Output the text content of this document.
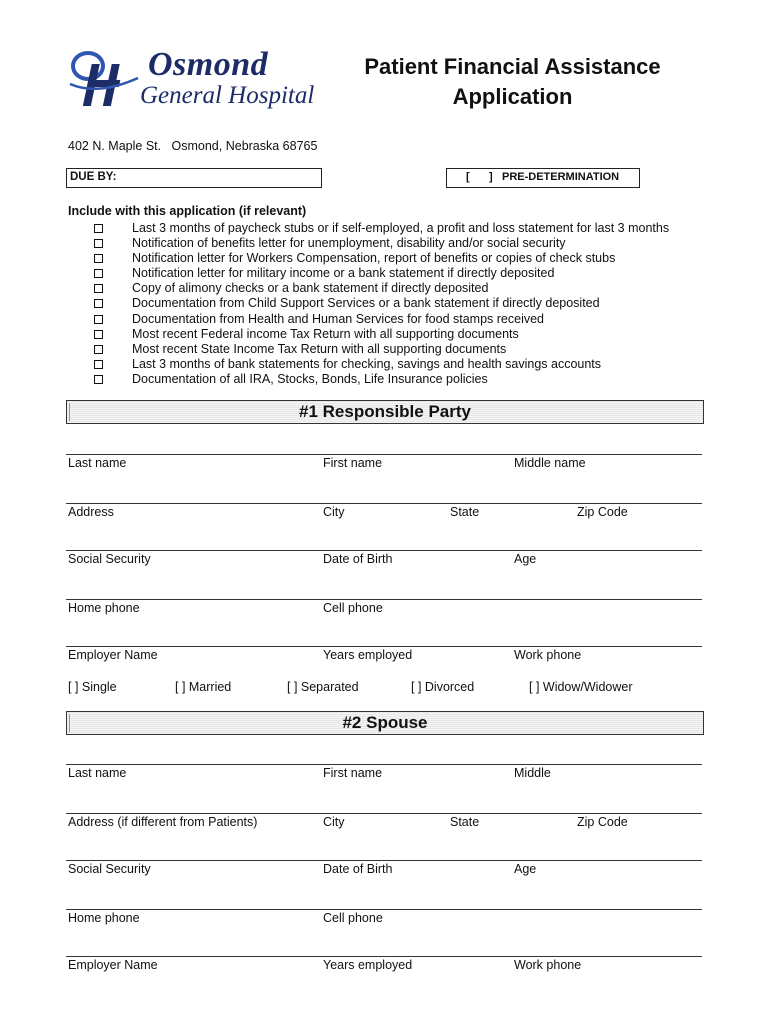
Osmond
General Hospital
Patient Financial Assistance
Application
402 N. Maple St.   Osmond, Nebraska 68765
DUE BY:	[ ] PRE-DETERMINATION
Include with this application (if relevant)
Last 3 months of paycheck stubs or if self-employed, a profit and loss statement for last 3 months
Notification of benefits letter for unemployment, disability and/or social security
Notification letter for Workers Compensation, report of benefits or copies of check stubs
Notification letter for military income or a bank statement if directly deposited
Copy of alimony checks or a bank statement if directly deposited
Documentation from Child Support Services or a bank statement if directly deposited
Documentation from Health and Human Services for food stamps received
Most recent Federal income Tax Return with all supporting documents
Most recent State Income Tax Return with all supporting documents
Last 3 months of bank statements for checking, savings and health savings accounts
Documentation of all IRA, Stocks, Bonds, Life Insurance policies
#1 Responsible Party
Last name	First name	Middle name
Address	City	State	Zip Code
Social Security	Date of Birth	Age
Home phone	Cell phone
Employer Name	Years employed	Work phone
[ ] Single	[ ] Married	[ ] Separated	[ ] Divorced	[ ] Widow/Widower
#2 Spouse
Last name	First name	Middle
Address (if different from Patients)	City	State	Zip Code
Social Security	Date of Birth	Age
Home phone	Cell phone
Employer Name	Years employed	Work phone
